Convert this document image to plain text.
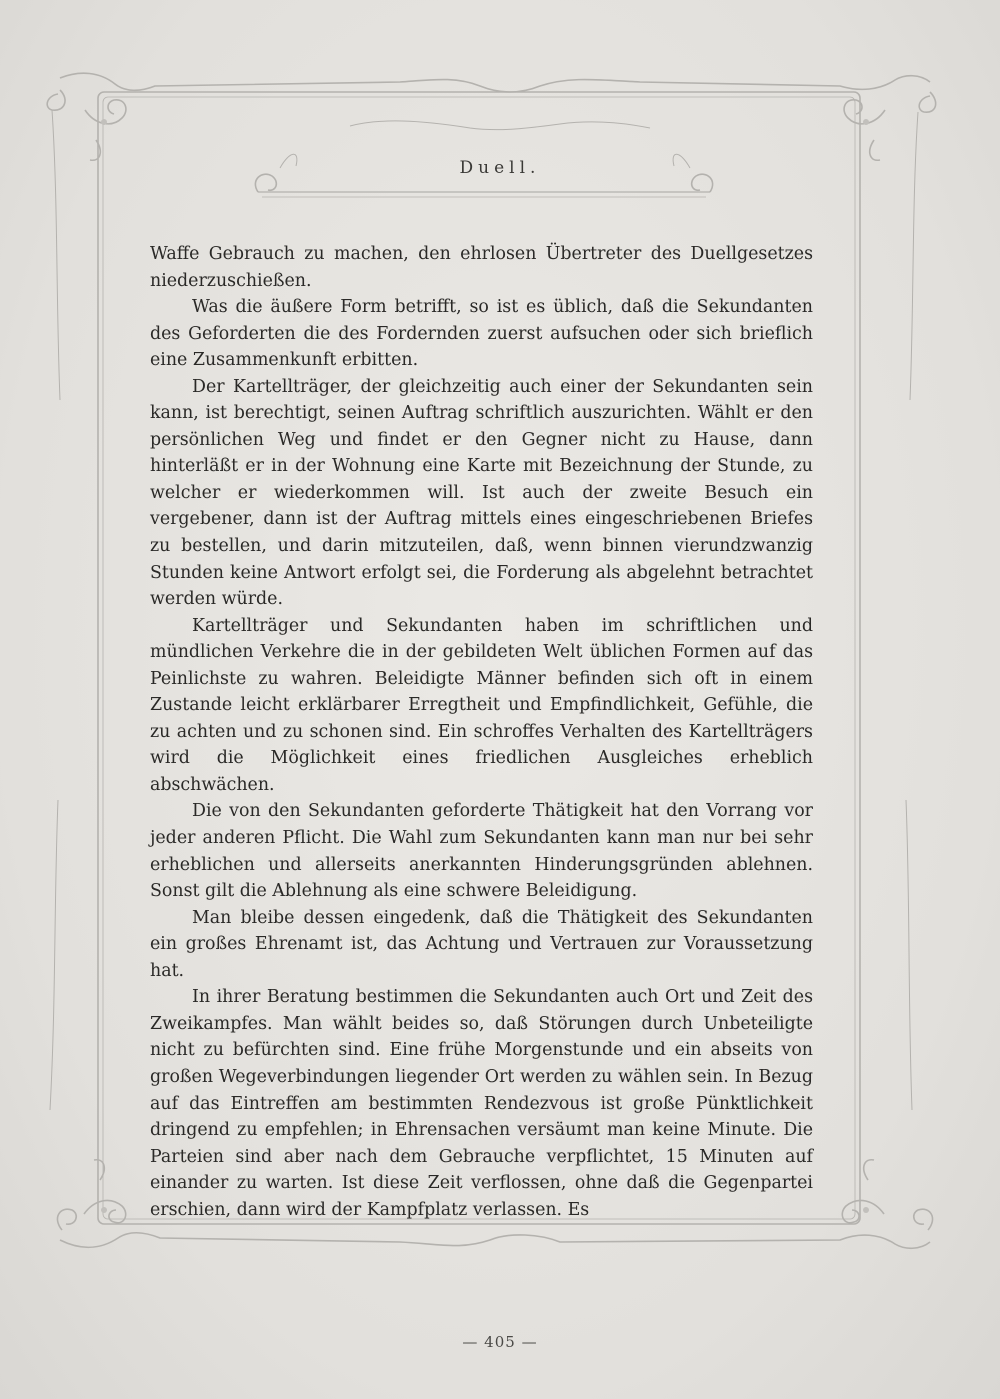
Duell.

Waffe Gebrauch zu machen, den ehrlosen Übertreter des Duellgesetzes niederzuschießen.

Was die äußere Form betrifft, so ist es üblich, daß die Sekundanten des Geforderten die des Fordernden zuerst aufsuchen oder sich brieflich eine Zusammenkunft erbitten.

Der Kartellträger, der gleichzeitig auch einer der Sekundanten sein kann, ist berechtigt, seinen Auftrag schriftlich auszurichten. Wählt er den persönlichen Weg und findet er den Gegner nicht zu Hause, dann hinterläßt er in der Wohnung eine Karte mit Bezeichnung der Stunde, zu welcher er wiederkommen will. Ist auch der zweite Besuch ein vergebener, dann ist der Auftrag mittels eines eingeschriebenen Briefes zu bestellen, und darin mitzuteilen, daß, wenn binnen vierundzwanzig Stunden keine Antwort erfolgt sei, die Forderung als abgelehnt betrachtet werden würde.

Kartellträger und Sekundanten haben im schriftlichen und mündlichen Verkehre die in der gebildeten Welt üblichen Formen auf das Peinlichste zu wahren. Beleidigte Männer befinden sich oft in einem Zustande leicht erklärbarer Erregtheit und Empfindlichkeit, Gefühle, die zu achten und zu schonen sind. Ein schroffes Verhalten des Kartellträgers wird die Möglichkeit eines friedlichen Ausgleiches erheblich abschwächen.

Die von den Sekundanten geforderte Thätigkeit hat den Vorrang vor jeder anderen Pflicht. Die Wahl zum Sekundanten kann man nur bei sehr erheblichen und allerseits anerkannten Hinderungsgründen ablehnen. Sonst gilt die Ablehnung als eine schwere Beleidigung.

Man bleibe dessen eingedenk, daß die Thätigkeit des Sekundanten ein großes Ehrenamt ist, das Achtung und Vertrauen zur Voraussetzung hat.

In ihrer Beratung bestimmen die Sekundanten auch Ort und Zeit des Zweikampfes. Man wählt beides so, daß Störungen durch Unbeteiligte nicht zu befürchten sind. Eine frühe Morgenstunde und ein abseits von großen Wegeverbindungen liegender Ort werden zu wählen sein. In Bezug auf das Eintreffen am bestimmten Rendezvous ist große Pünktlichkeit dringend zu empfehlen; in Ehrensachen versäumt man keine Minute. Die Parteien sind aber nach dem Gebrauche verpflichtet, 15 Minuten auf einander zu warten. Ist diese Zeit verflossen, ohne daß die Gegenpartei erschien, dann wird der Kampfplatz verlassen. Es

— 405 —
